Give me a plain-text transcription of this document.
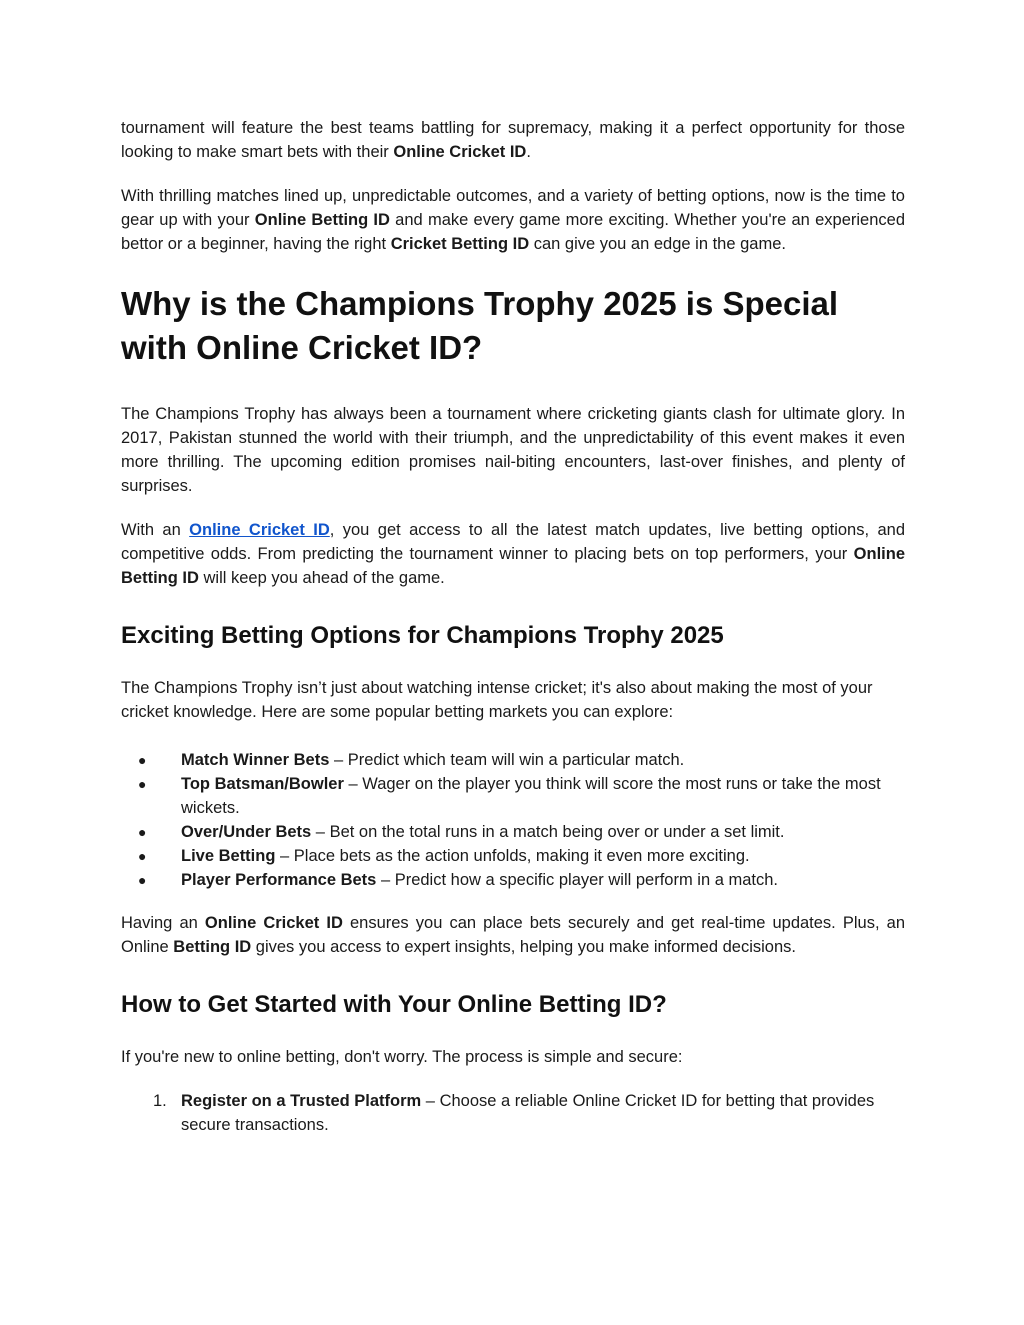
tournament will feature the best teams battling for supremacy, making it a perfect opportunity for those looking to make smart bets with their Online Cricket ID.

With thrilling matches lined up, unpredictable outcomes, and a variety of betting options, now is the time to gear up with your Online Betting ID and make every game more exciting. Whether you're an experienced bettor or a beginner, having the right Cricket Betting ID can give you an edge in the game.

Why is the Champions Trophy 2025 is Special with Online Cricket ID?

The Champions Trophy has always been a tournament where cricketing giants clash for ultimate glory. In 2017, Pakistan stunned the world with their triumph, and the unpredictability of this event makes it even more thrilling. The upcoming edition promises nail-biting encounters, last-over finishes, and plenty of surprises.

With an Online Cricket ID, you get access to all the latest match updates, live betting options, and competitive odds. From predicting the tournament winner to placing bets on top performers, your Online Betting ID will keep you ahead of the game.

Exciting Betting Options for Champions Trophy 2025

The Champions Trophy isn’t just about watching intense cricket; it's also about making the most of your cricket knowledge. Here are some popular betting markets you can explore:

● Match Winner Bets – Predict which team will win a particular match.
● Top Batsman/Bowler – Wager on the player you think will score the most runs or take the most wickets.
● Over/Under Bets – Bet on the total runs in a match being over or under a set limit.
● Live Betting – Place bets as the action unfolds, making it even more exciting.
● Player Performance Bets – Predict how a specific player will perform in a match.

Having an Online Cricket ID ensures you can place bets securely and get real-time updates. Plus, an Online Betting ID gives you access to expert insights, helping you make informed decisions.

How to Get Started with Your Online Betting ID?

If you're new to online betting, don't worry. The process is simple and secure:

1. Register on a Trusted Platform – Choose a reliable Online Cricket ID for betting that provides secure transactions.
